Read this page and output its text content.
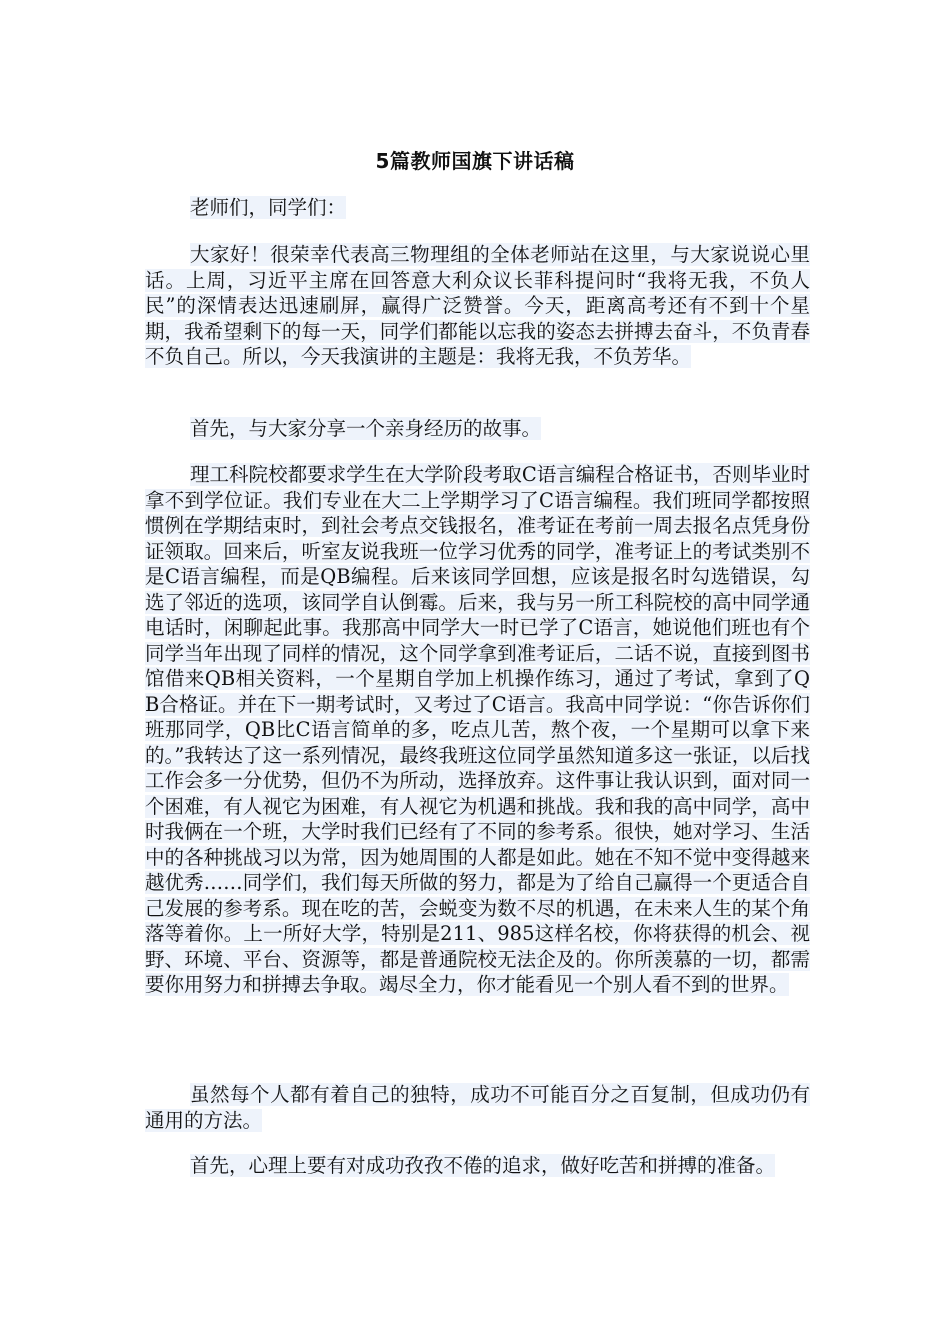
5篇教师国旗下讲话稿

老师们，同学们：

大家好！很荣幸代表高三物理组的全体老师站在这里，与大家说说心里话。上周，习近平主席在回答意大利众议长菲科提问时“我将无我，不负人民”的深情表达迅速刷屏，赢得广泛赞誉。今天，距离高考还有不到十个星期，我希望剩下的每一天，同学们都能以忘我的姿态去拼搏去奋斗，不负青春不负自己。所以，今天我演讲的主题是：我将无我，不负芳华。

首先，与大家分享一个亲身经历的故事。

理工科院校都要求学生在大学阶段考取C语言编程合格证书，否则毕业时拿不到学位证。我们专业在大二上学期学习了C语言编程。我们班同学都按照惯例在学期结束时，到社会考点交钱报名，准考证在考前一周去报名点凭身份证领取。回来后，听室友说我班一位学习优秀的同学，准考证上的考试类别不是C语言编程，而是QB编程。后来该同学回想，应该是报名时勾选错误，勾选了邻近的选项，该同学自认倒霉。后来，我与另一所工科院校的高中同学通电话时，闲聊起此事。我那高中同学大一时已学了C语言，她说他们班也有个同学当年出现了同样的情况，这个同学拿到准考证后，二话不说，直接到图书馆借来QB相关资料，一个星期自学加上机操作练习，通过了考试，拿到了QB合格证。并在下一期考试时，又考过了C语言。我高中同学说：“你告诉你们班那同学，QB比C语言简单的多，吃点儿苦，熬个夜，一个星期可以拿下来的。”我转达了这一系列情况，最终我班这位同学虽然知道多这一张证，以后找工作会多一分优势，但仍不为所动，选择放弃。这件事让我认识到，面对同一个困难，有人视它为困难，有人视它为机遇和挑战。我和我的高中同学，高中时我俩在一个班，大学时我们已经有了不同的参考系。很快，她对学习、生活中的各种挑战习以为常，因为她周围的人都是如此。她在不知不觉中变得越来越优秀……同学们，我们每天所做的努力，都是为了给自己赢得一个更适合自己发展的参考系。现在吃的苦，会蜕变为数不尽的机遇，在未来人生的某个角落等着你。上一所好大学，特别是211、985这样名校，你将获得的机会、视野、环境、平台、资源等，都是普通院校无法企及的。你所羡慕的一切，都需要你用努力和拼搏去争取。竭尽全力，你才能看见一个别人看不到的世界。

虽然每个人都有着自己的独特，成功不可能百分之百复制，但成功仍有通用的方法。

首先，心理上要有对成功孜孜不倦的追求，做好吃苦和拼搏的准备。
